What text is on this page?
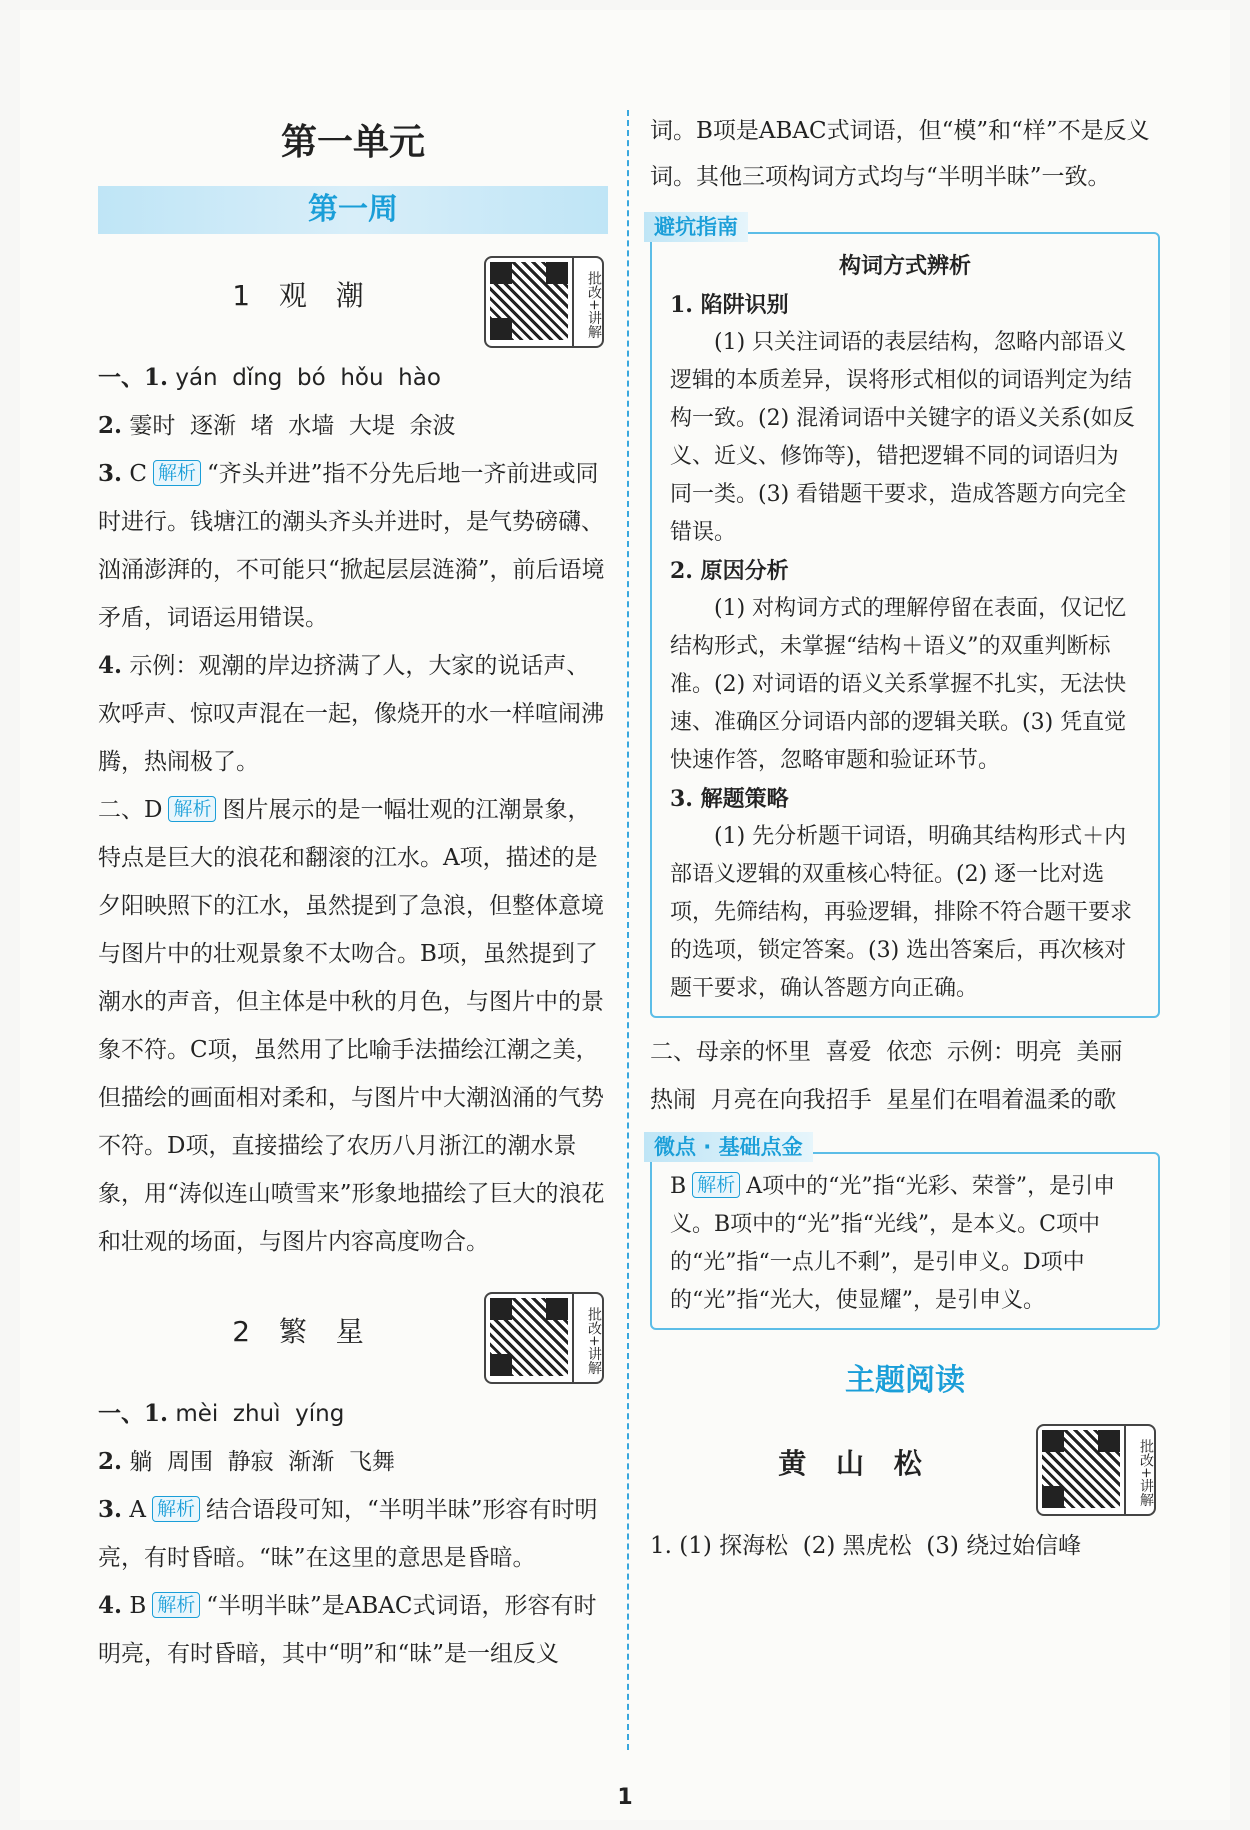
第一单元
第一周
1 观 潮	批改+讲解

一、1. yán  dǐng  bó  hǒu  hào

2. 霎时  逐渐  堵  水墙  大堤  余波

3. C 解析 “齐头并进”指不分先后地一齐前进或同时进行。钱塘江的潮头齐头并进时，是气势磅礴、汹涌澎湃的，不可能只“掀起层层涟漪”，前后语境矛盾，词语运用错误。

4. 示例：观潮的岸边挤满了人，大家的说话声、欢呼声、惊叹声混在一起，像烧开的水一样喧闹沸腾，热闹极了。

二、D 解析 图片展示的是一幅壮观的江潮景象，特点是巨大的浪花和翻滚的江水。A项，描述的是夕阳映照下的江水，虽然提到了急浪，但整体意境与图片中的壮观景象不太吻合。B项，虽然提到了潮水的声音，但主体是中秋的月色，与图片中的景象不符。C项，虽然用了比喻手法描绘江潮之美，但描绘的画面相对柔和，与图片中大潮汹涌的气势不符。D项，直接描绘了农历八月浙江的潮水景象，用“涛似连山喷雪来”形象地描绘了巨大的浪花和壮观的场面，与图片内容高度吻合。

2 繁 星	批改+讲解

一、1. mèi  zhuì  yíng

2. 躺  周围  静寂  渐渐  飞舞

3. A 解析 结合语段可知，“半明半昧”形容有时明亮，有时昏暗。“昧”在这里的意思是昏暗。

4. B 解析 “半明半昧”是ABAC式词语，形容有时明亮，有时昏暗，其中“明”和“昧”是一组反义

词。B项是ABAC式词语，但“模”和“样”不是反义词。其他三项构词方式均与“半明半昧”一致。

避坑指南
构词方式辨析
1. 陷阱识别
(1) 只关注词语的表层结构，忽略内部语义逻辑的本质差异，误将形式相似的词语判定为结构一致。(2) 混淆词语中关键字的语义关系(如反义、近义、修饰等)，错把逻辑不同的词语归为同一类。(3) 看错题干要求，造成答题方向完全错误。
2. 原因分析
(1) 对构词方式的理解停留在表面，仅记忆结构形式，未掌握“结构＋语义”的双重判断标准。(2) 对词语的语义关系掌握不扎实，无法快速、准确区分词语内部的逻辑关联。(3) 凭直觉快速作答，忽略审题和验证环节。
3. 解题策略
(1) 先分析题干词语，明确其结构形式＋内部语义逻辑的双重核心特征。(2) 逐一比对选项，先筛结构，再验逻辑，排除不符合题干要求的选项，锁定答案。(3) 选出答案后，再次核对题干要求，确认答题方向正确。

二、母亲的怀里  喜爱  依恋  示例：明亮  美丽  热闹  月亮在向我招手  星星们在唱着温柔的歌

微点 · 基础点金
B 解析 A项中的“光”指“光彩、荣誉”，是引申义。B项中的“光”指“光线”，是本义。C项中的“光”指“一点儿不剩”，是引申义。D项中的“光”指“光大，使显耀”，是引申义。
主题阅读
黄 山 松	批改+讲解

1. (1) 探海松  (2) 黑虎松  (3) 绕过始信峰

1
